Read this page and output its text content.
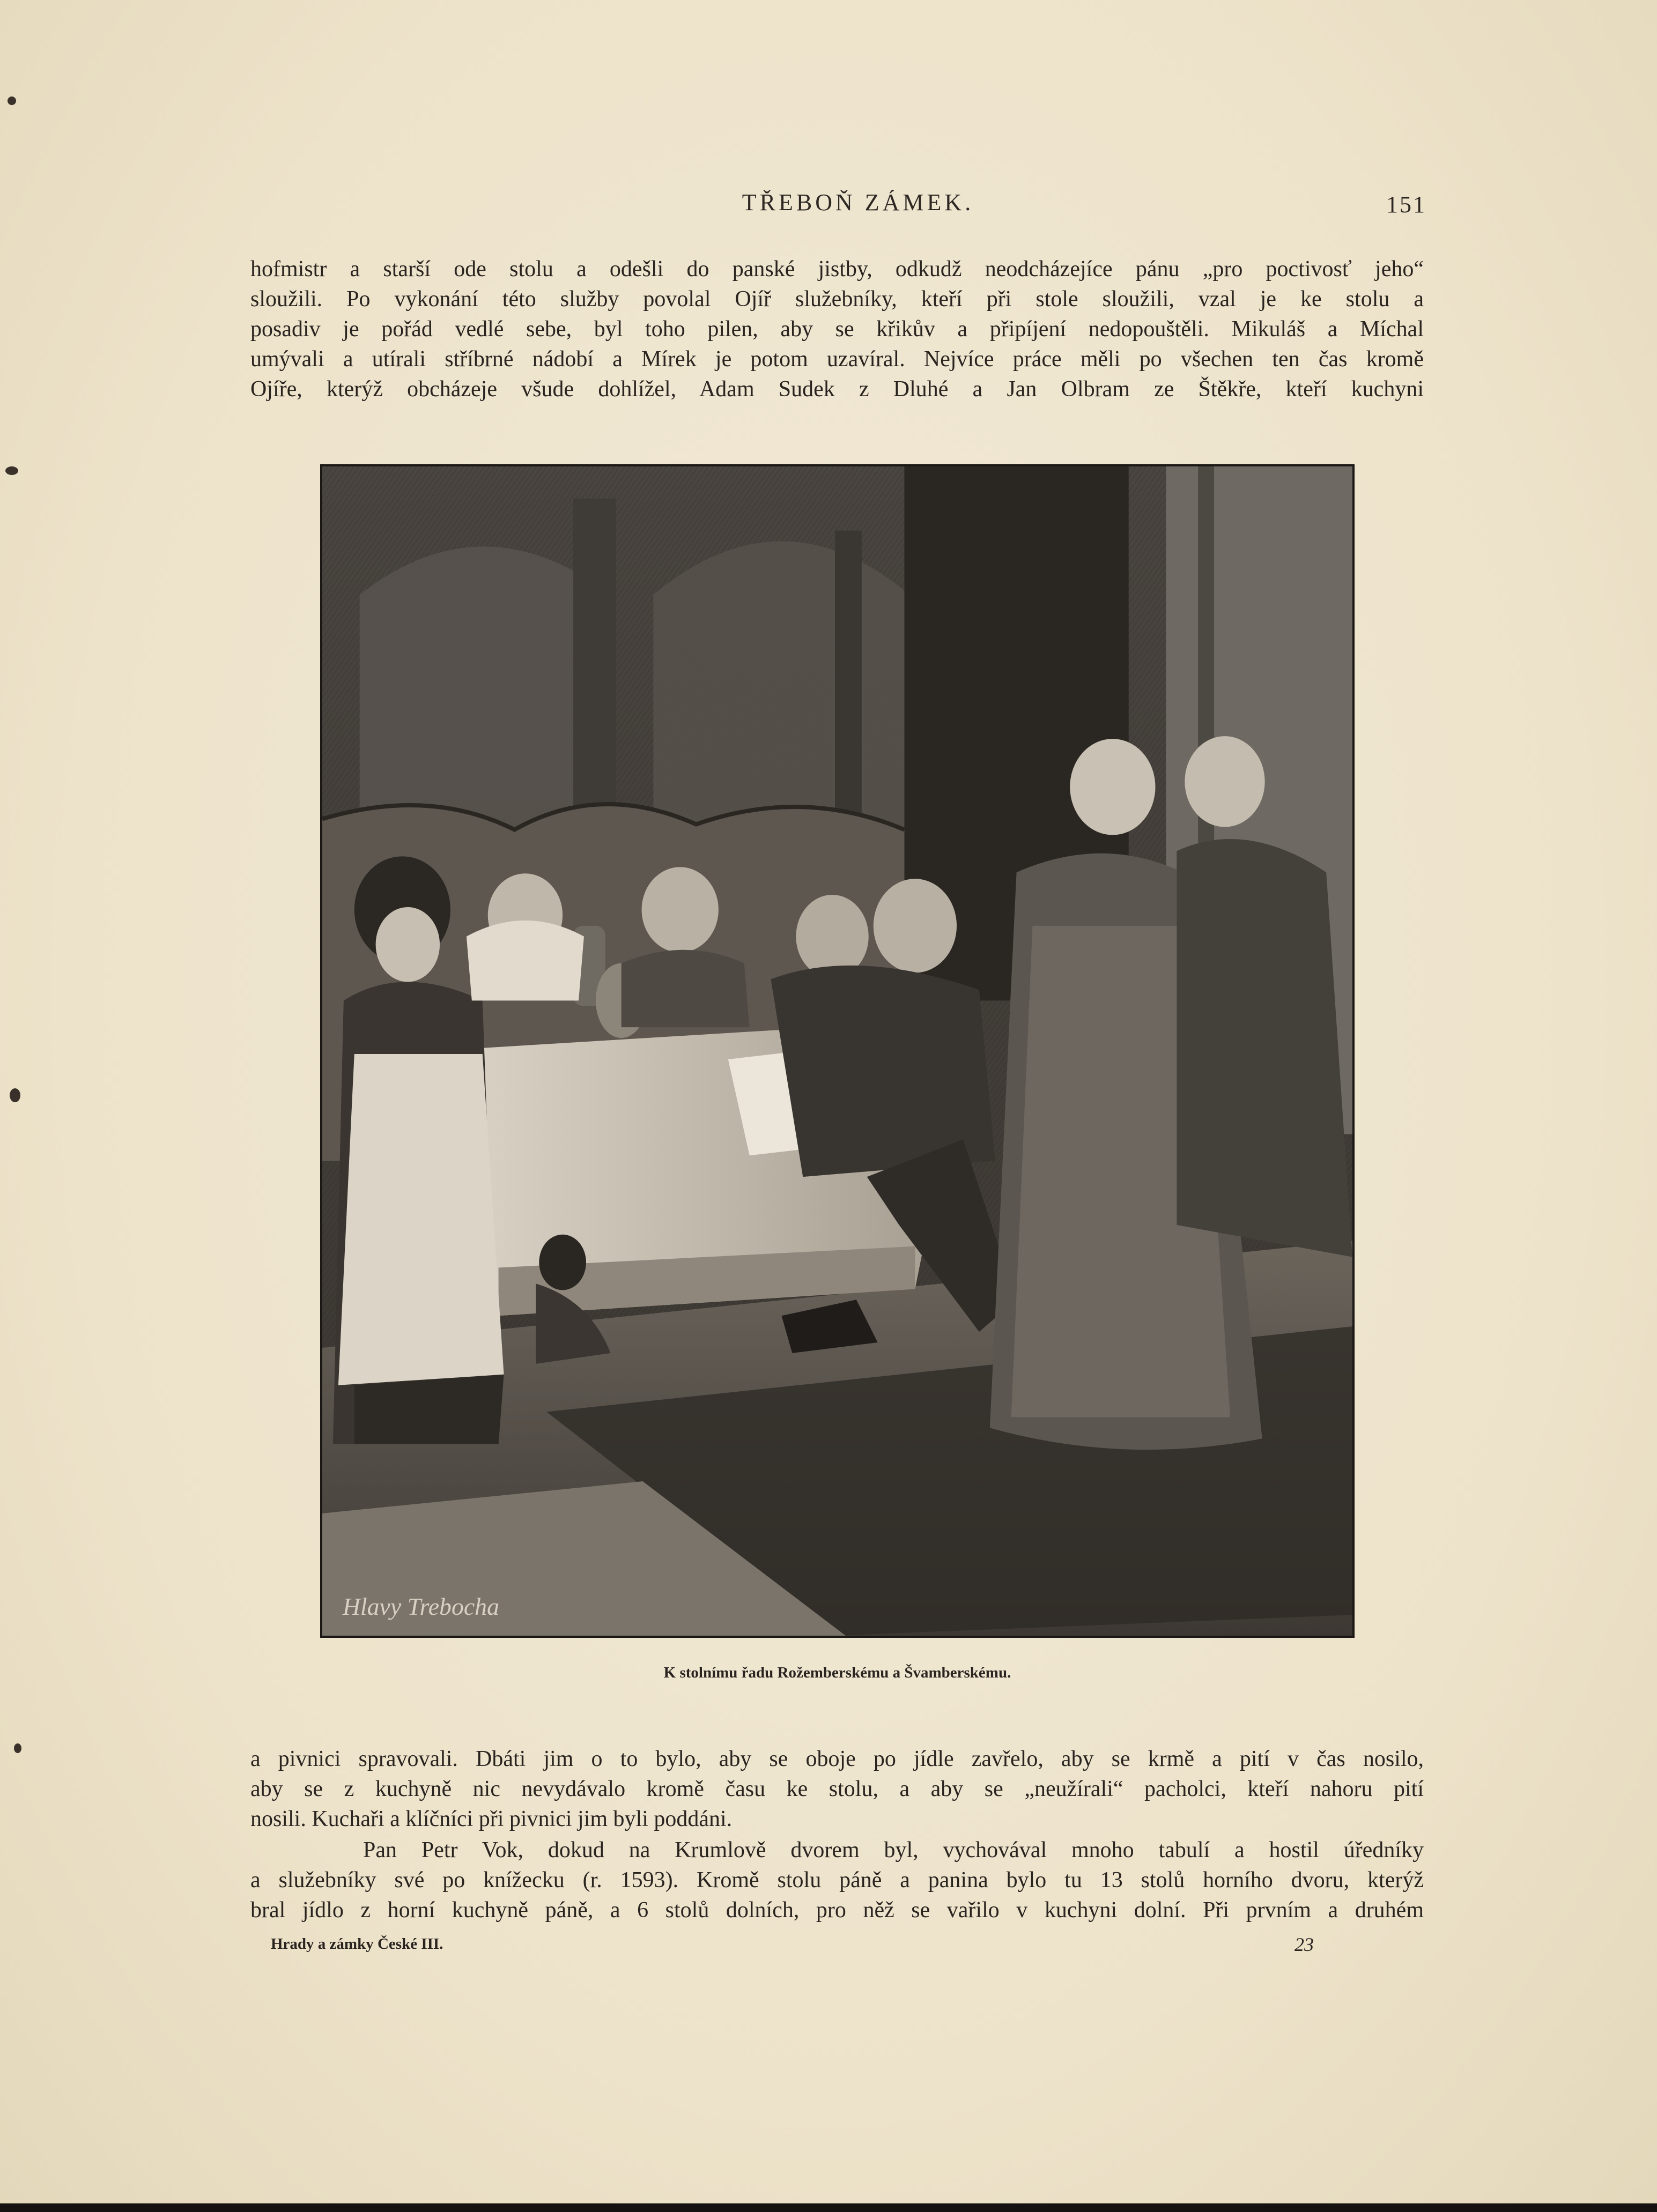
TŘEBOŇ ZÁMEK.	151

hofmistr a starší ode stolu a odešli do panské jistby, odkudž neodcházejíce pánu „pro poctivosť jeho“

sloužili. Po vykonání této služby povolal Ojíř služebníky, kteří při stole sloužili, vzal je ke stolu a

posadiv je pořád vedlé sebe, byl toho pilen, aby se křikův a připíjení nedopouštěli. Mikuláš a Míchal

umývali a utírali stříbrné nádobí a Mírek je potom uzavíral. Nejvíce práce měli po všechen ten čas kromě

Ojíře, kterýž obcházeje všude dohlížel, Adam Sudek z Dluhé a Jan Olbram ze Štěkře, kteří kuchyni

Hlavy Trebocha
K stolnímu řadu Rožemberskému a Švamberskému.

a pivnici spravovali. Dbáti jim o to bylo, aby se oboje po jídle zavřelo, aby se krmě a pití v čas nosilo,

aby se z kuchyně nic nevydávalo kromě času ke stolu, a aby se „neužírali“ pacholci, kteří nahoru pití

nosili. Kuchaři a klíčníci při pivnici jim byli poddáni.

Pan Petr Vok, dokud na Krumlově dvorem byl, vychovával mnoho tabulí a hostil úředníky

a služebníky své po knížecku (r. 1593). Kromě stolu páně a panina bylo tu 13 stolů horního dvoru, kterýž

bral jídlo z horní kuchyně páně, a 6 stolů dolních, pro něž se vařilo v kuchyni dolní. Při prvním a druhém

Hrady a zámky České III.	23
